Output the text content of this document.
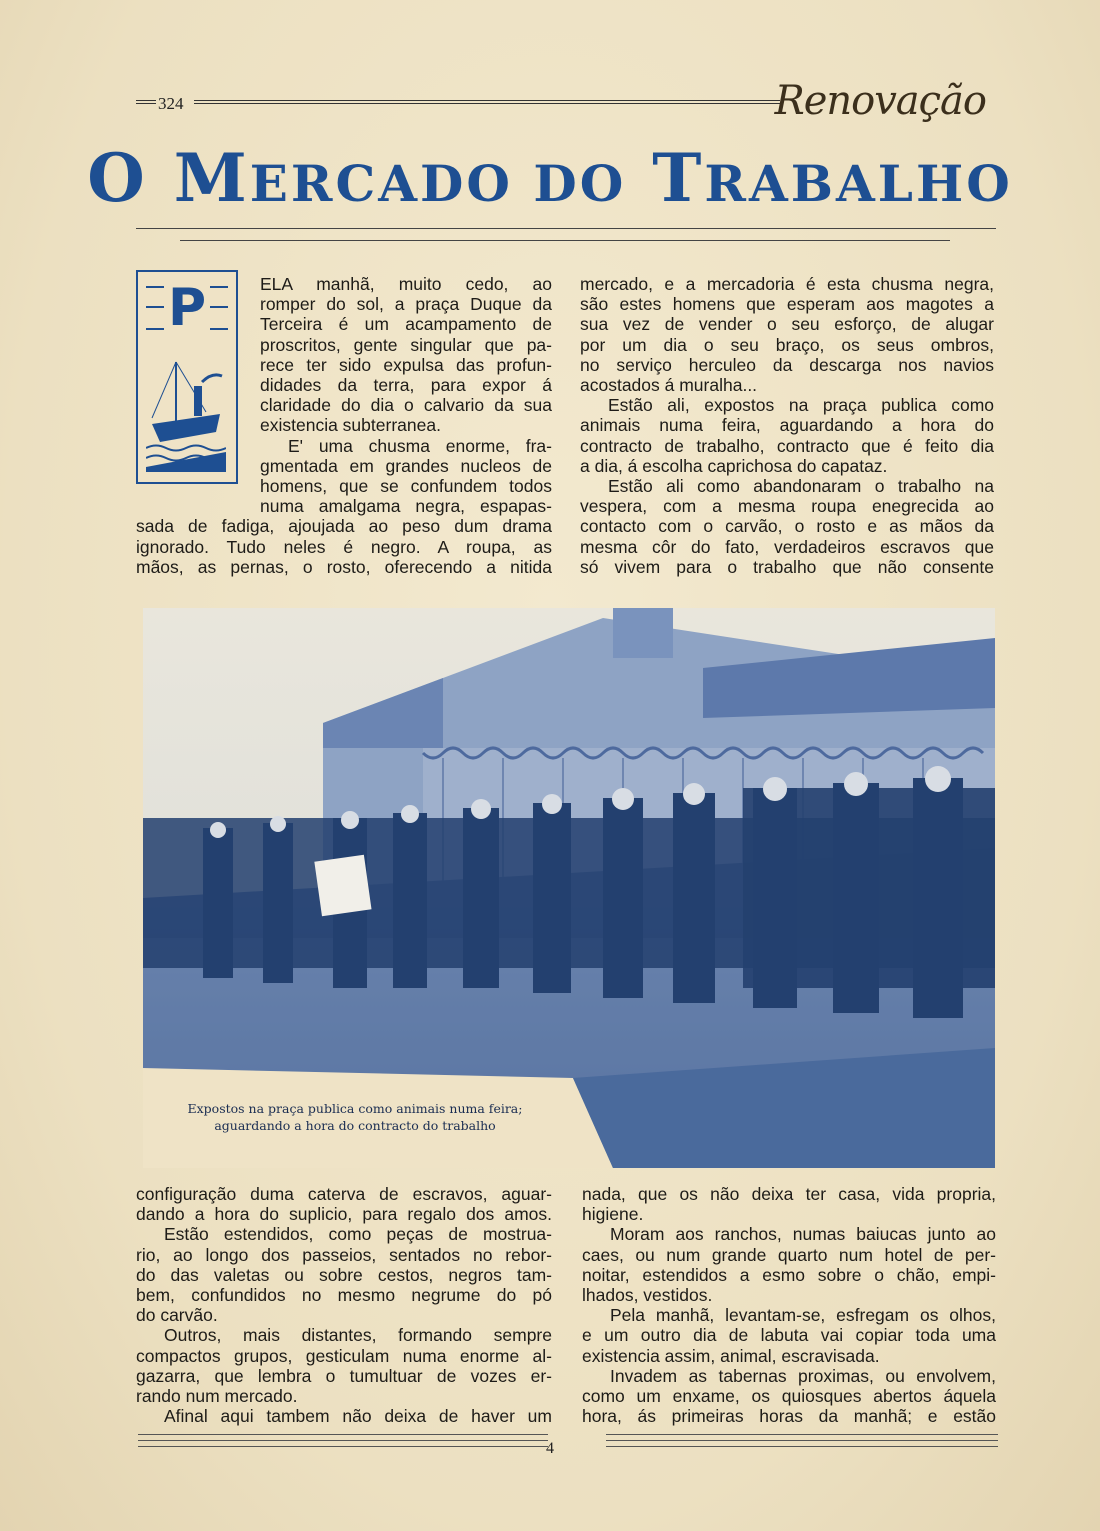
324	Renovação
O MERCADO DO TRABALHO
P	ELA manhã, muito cedo, ao
romper do sol, a praça Duque da
Terceira é um acampamento de
proscritos, gente singular que pa-
rece ter sido expulsa das profun-
didades da terra, para expor á
claridade do dia o calvario da sua
existencia subterranea.
E' uma chusma enorme, fra-
gmentada em grandes nucleos de
homens, que se confundem todos
numa amalgama negra, espapas-
sada de fadiga, ajoujada ao peso dum drama
ignorado. Tudo neles é negro. A roupa, as
mãos, as pernas, o rosto, oferecendo a nitida
mercado, e a mercadoria é esta chusma negra,
são estes homens que esperam aos magotes a
sua vez de vender o seu esforço, de alugar
por um dia o seu braço, os seus ombros,
no serviço herculeo da descarga nos navios
acostados á muralha...
Estão ali, expostos na praça publica como
animais numa feira, aguardando a hora do
contracto de trabalho, contracto que é feito dia
a dia, á escolha caprichosa do capataz.
Estão ali como abandonaram o trabalho na
vespera, com a mesma roupa enegrecida ao
contacto com o carvão, o rosto e as mãos da
mesma côr do fato, verdadeiros escravos que
só vivem para o trabalho que não consente
Expostos na praça publica como animais numa feira;
aguardando a hora do contracto do trabalho
configuração duma caterva de escravos, aguar-
dando a hora do suplicio, para regalo dos amos.
Estão estendidos, como peças de mostrua-
rio, ao longo dos passeios, sentados no rebor-
do das valetas ou sobre cestos, negros tam-
bem, confundidos no mesmo negrume do pó
do carvão.
Outros, mais distantes, formando sempre
compactos grupos, gesticulam numa enorme al-
gazarra, que lembra o tumultuar de vozes er-
rando num mercado.
Afinal aqui tambem não deixa de haver um
nada, que os não deixa ter casa, vida propria,
higiene.
Moram aos ranchos, numas baiucas junto ao
caes, ou num grande quarto num hotel de per-
noitar, estendidos a esmo sobre o chão, empi-
lhados, vestidos.
Pela manhã, levantam-se, esfregam os olhos,
e um outro dia de labuta vai copiar toda uma
existencia assim, animal, escravisada.
Invadem as tabernas proximas, ou envolvem,
como um enxame, os quiosques abertos áquela
hora, ás primeiras horas da manhã; e estão
4
